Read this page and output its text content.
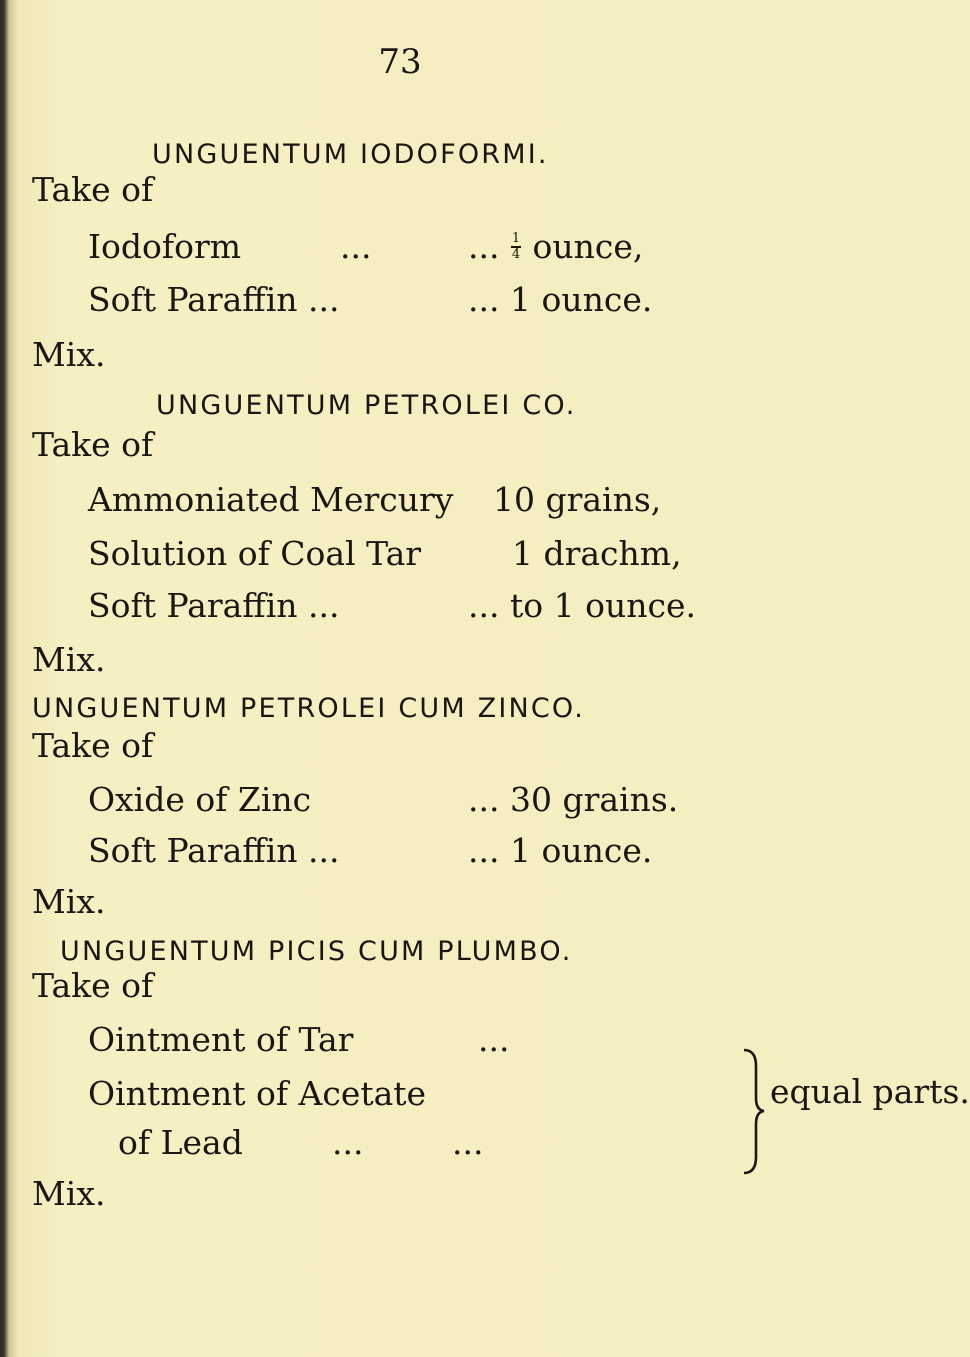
73
UNGUENTUM IODOFORMI.
Take of
Iodoform	...	... $\frac{1}{4}$ ounce,
Soft Paraffin ...	... 1 ounce.
Mix.
UNGUENTUM PETROLEI CO.
Take of
Ammoniated Mercury 10 grains,
Solution of Coal Tar	1 drachm,
Soft Paraffin ...	... to 1 ounce.
Mix.
UNGUENTUM PETROLEI CUM ZINCO.
Take of
Oxide of Zinc	... 30 grains.
Soft Paraffin ...	... 1 ounce.
Mix.
UNGUENTUM PICIS CUM PLUMBO.
Take of
Ointment of Tar	...
Ointment of Acetate
of Lead	...	...
equal parts.
Mix.
